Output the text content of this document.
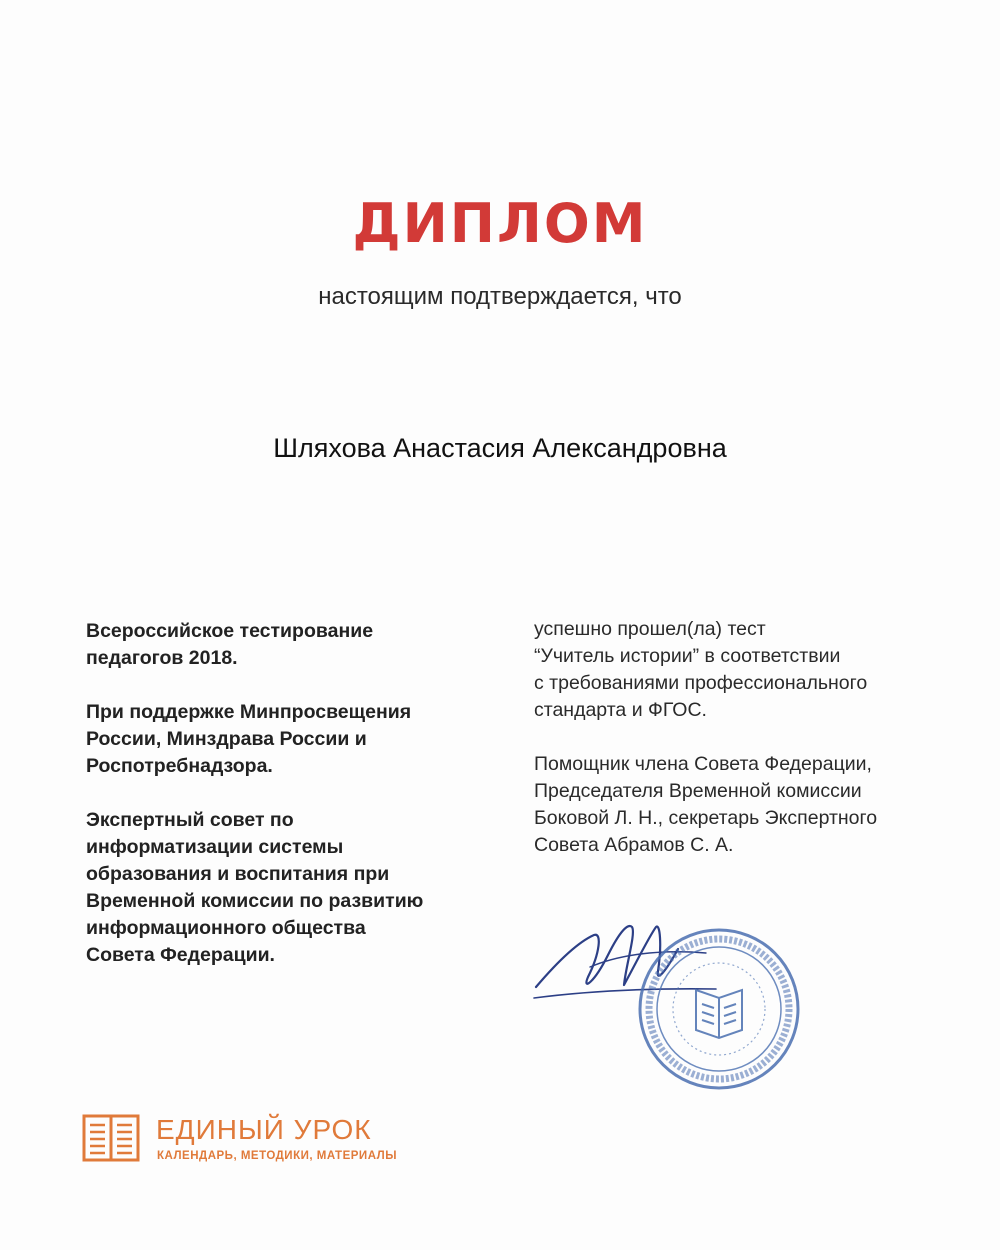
ДИПЛОМ
настоящим подтверждается, что
Шляхова Анастасия Александровна

Всероссийское тестирование
педагогов 2018.

При поддержке Минпросвещения
России, Минздрава России и
Роспотребнадзора.

Экспертный совет по
информатизации системы
образования и воспитания при
Временной комиссии по развитию
информационного общества
Совета Федерации.

успешно прошел(ла) тест
“Учитель истории” в соответствии
с требованиями профессионального
стандарта и ФГОС.

Помощник члена Совета Федерации,
Председателя Временной комиссии
Боковой Л. Н., секретарь Экспертного
Совета Абрамов С. А.

ЕДИНЫЙ УРОК
КАЛЕНДАРЬ, МЕТОДИКИ, МАТЕРИАЛЫ
